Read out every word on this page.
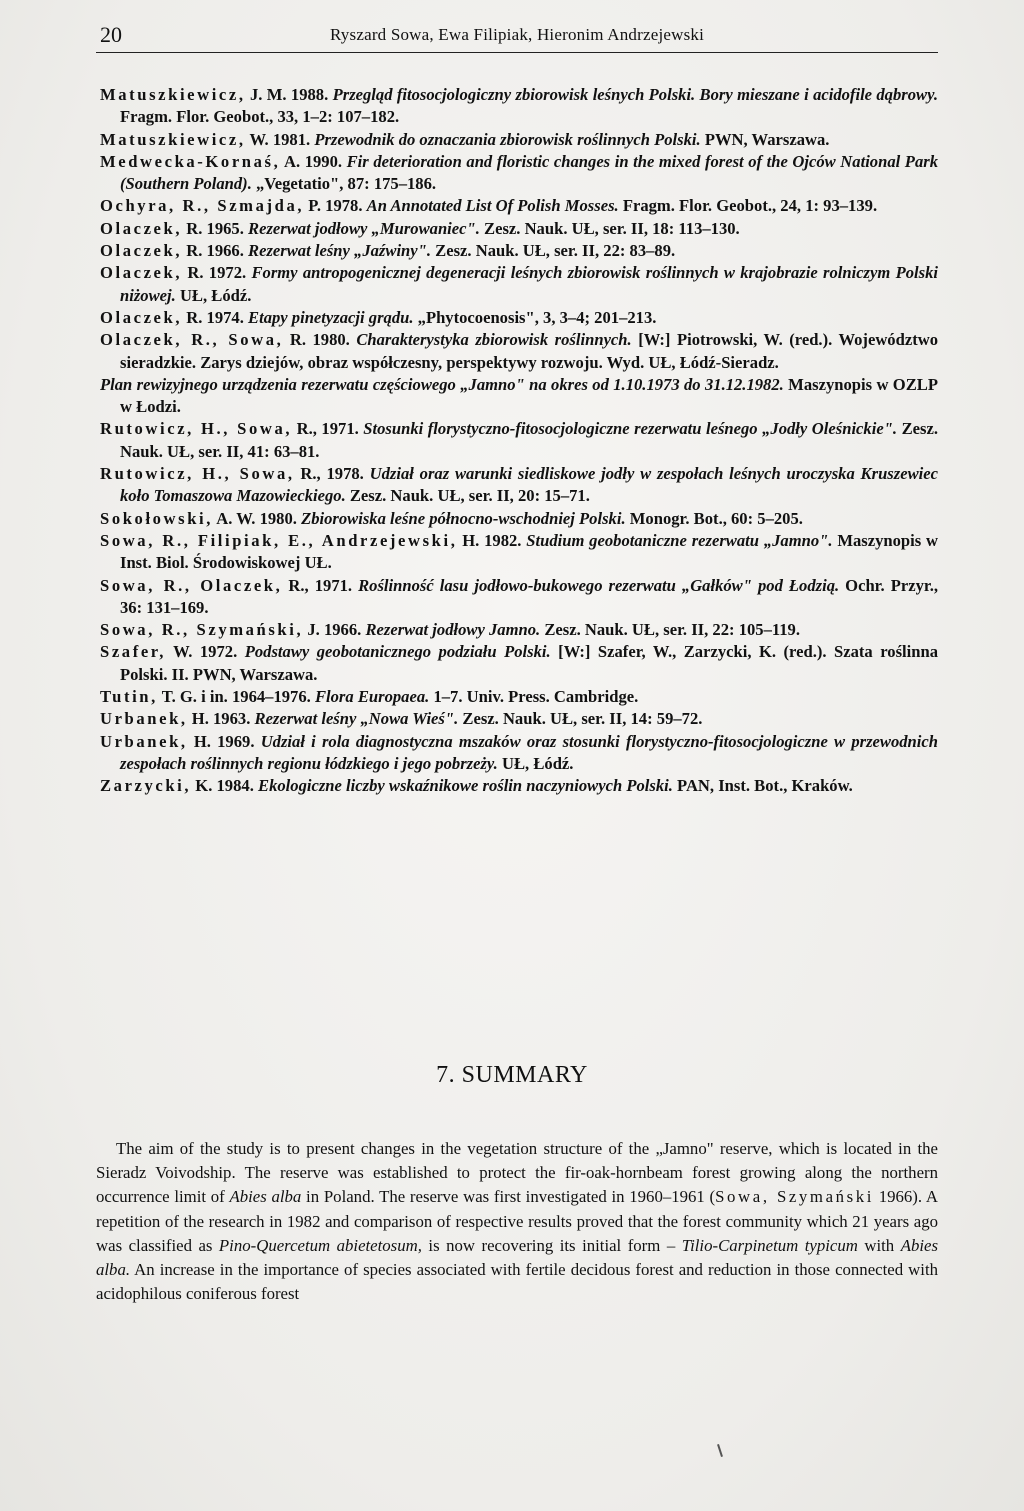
20	Ryszard Sowa, Ewa Filipiak, Hieronim Andrzejewski
Matuszkiewicz, J. M. 1988. Przegląd fitosocjologiczny zbiorowisk leśnych Polski. Bory mieszane i acidofile dąbrowy. Fragm. Flor. Geobot., 33, 1–2: 107–182.
Matuszkiewicz, W. 1981. Przewodnik do oznaczania zbiorowisk roślinnych Polski. PWN, Warszawa.
Medwecka-Kornaś, A. 1990. Fir deterioration and floristic changes in the mixed forest of the Ojców National Park (Southern Poland). „Vegetatio", 87: 175–186.
Ochyra, R., Szmajda, P. 1978. An Annotated List Of Polish Mosses. Fragm. Flor. Geobot., 24, 1: 93–139.
Olaczek, R. 1965. Rezerwat jodłowy „Murowaniec". Zesz. Nauk. UŁ, ser. II, 18: 113–130.
Olaczek, R. 1966. Rezerwat leśny „Jaźwiny". Zesz. Nauk. UŁ, ser. II, 22: 83–89.
Olaczek, R. 1972. Formy antropogenicznej degeneracji leśnych zbiorowisk roślinnych w krajobrazie rolniczym Polski niżowej. UŁ, Łódź.
Olaczek, R. 1974. Etapy pinetyzacji grądu. „Phytocoenosis", 3, 3–4; 201–213.
Olaczek, R., Sowa, R. 1980. Charakterystyka zbiorowisk roślinnych. [W:] Piotrowski, W. (red.). Województwo sieradzkie. Zarys dziejów, obraz współczesny, perspektywy rozwoju. Wyd. UŁ, Łódź-Sieradz.
Plan rewizyjnego urządzenia rezerwatu częściowego „Jamno" na okres od 1.10.1973 do 31.12.1982. Maszynopis w OZLP w Łodzi.
Rutowicz, H., Sowa, R., 1971. Stosunki florystyczno-fitosocjologiczne rezerwatu leśnego „Jodły Oleśnickie". Zesz. Nauk. UŁ, ser. II, 41: 63–81.
Rutowicz, H., Sowa, R., 1978. Udział oraz warunki siedliskowe jodły w zespołach leśnych uroczyska Kruszewiec koło Tomaszowa Mazowieckiego. Zesz. Nauk. UŁ, ser. II, 20: 15–71.
Sokołowski, A. W. 1980. Zbiorowiska leśne północno-wschodniej Polski. Monogr. Bot., 60: 5–205.
Sowa, R., Filipiak, E., Andrzejewski, H. 1982. Studium geobotaniczne rezerwatu „Jamno". Maszynopis w Inst. Biol. Środowiskowej UŁ.
Sowa, R., Olaczek, R., 1971. Roślinność lasu jodłowo-bukowego rezerwatu „Gałków" pod Łodzią. Ochr. Przyr., 36: 131–169.
Sowa, R., Szymański, J. 1966. Rezerwat jodłowy Jamno. Zesz. Nauk. UŁ, ser. II, 22: 105–119.
Szafer, W. 1972. Podstawy geobotanicznego podziału Polski. [W:] Szafer, W., Zarzycki, K. (red.). Szata roślinna Polski. II. PWN, Warszawa.
Tutin, T. G. i in. 1964–1976. Flora Europaea. 1–7. Univ. Press. Cambridge.
Urbanek, H. 1963. Rezerwat leśny „Nowa Wieś". Zesz. Nauk. UŁ, ser. II, 14: 59–72.
Urbanek, H. 1969. Udział i rola diagnostyczna mszaków oraz stosunki florystyczno-fitosocjologiczne w przewodnich zespołach roślinnych regionu łódzkiego i jego pobrzeży. UŁ, Łódź.
Zarzycki, K. 1984. Ekologiczne liczby wskaźnikowe roślin naczyniowych Polski. PAN, Inst. Bot., Kraków.
7. SUMMARY

The aim of the study is to present changes in the vegetation structure of the „Jamno" reserve, which is located in the Sieradz Voivodship. The reserve was established to protect the fir-oak-hornbeam forest growing along the northern occurrence limit of Abies alba in Poland. The reserve was first investigated in 1960–1961 (Sowa, Szymański 1966). A repetition of the research in 1982 and comparison of respective results proved that the forest community which 21 years ago was classified as Pino-Quercetum abietetosum, is now recovering its initial form – Tilio-Carpinetum typicum with Abies alba. An increase in the importance of species associated with fertile decidous forest and reduction in those connected with acidophilous coniferous forest
